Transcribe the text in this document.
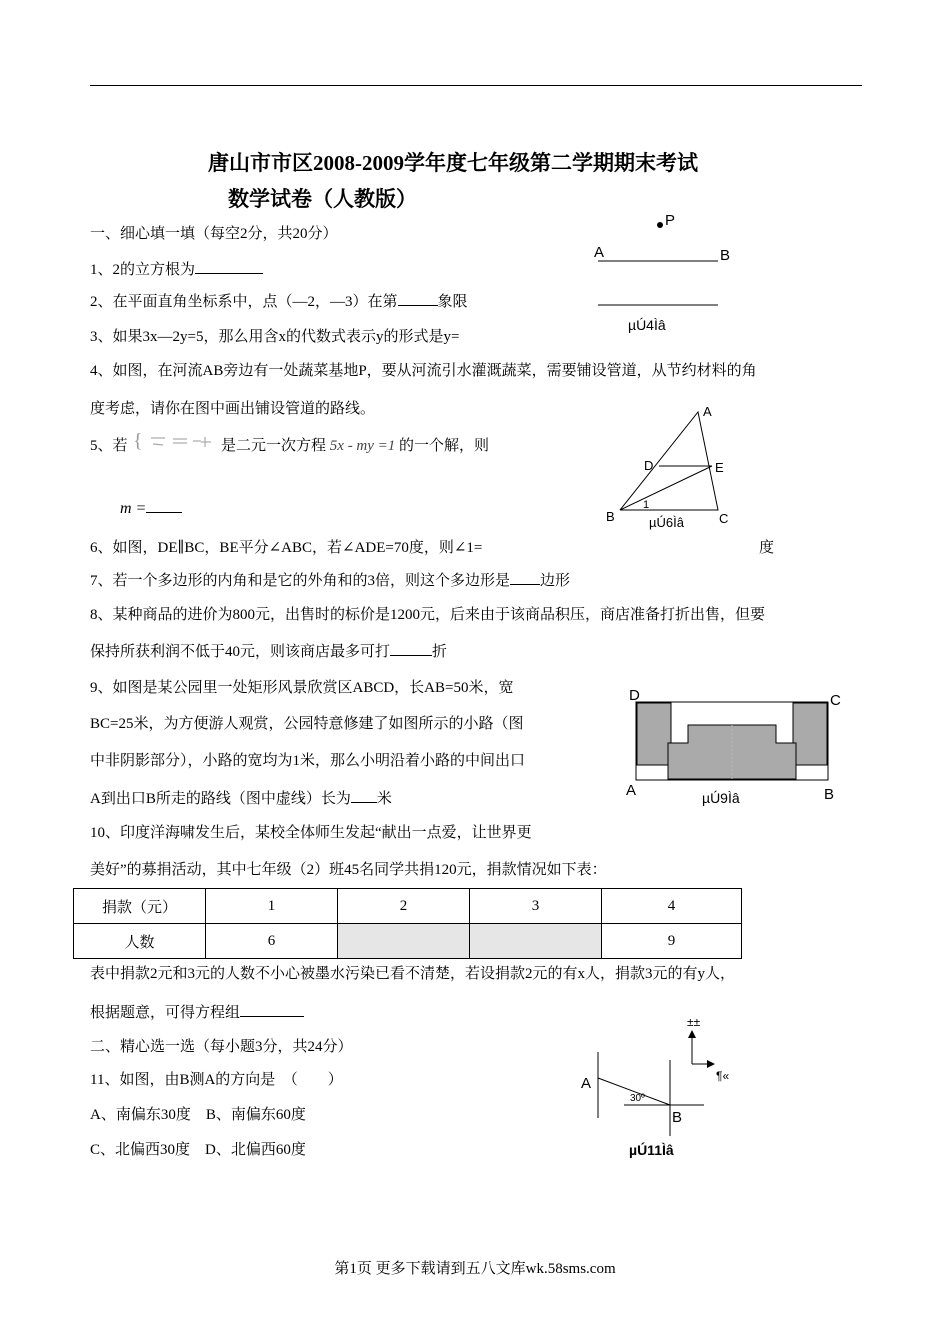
唐山市市区2008-2009学年度七年级第二学期期末考试
数学试卷（人教版）
一、细心填一填（每空2分，共20分）
1、2的立方根为
2、在平面直角坐标系中，点（—2，—3）在第	象限
3、如果3x—2y=5，那么用含x的代数式表示y的形式是y=
4、如图，在河流AB旁边有一处蔬菜基地P，要从河流引水灌溉蔬菜，需要铺设管道，从节约材料的角
度考虑，请你在图中画出铺设管道的路线。
5、若 {	是二元一次方程 5x - my =1 的一个解，则
m =
6、如图，DE∥BC，BE平分∠ABC，若∠ADE=70度，则∠1=	度
7、若一个多边形的内角和是它的外角和的3倍，则这个多边形是 边形
8、某种商品的进价为800元，出售时的标价是1200元，后来由于该商品积压，商店准备打折出售，但要
保持所获利润不低于40元，则该商店最多可打	折
9、如图是某公园里一处矩形风景欣赏区ABCD，长AB=50米，宽
BC=25米，为方便游人观赏，公园特意修建了如图所示的小路（图
中非阴影部分），小路的宽均为1米，那么小明沿着小路的中间出口
A到出口B所走的路线（图中虚线）长为 米
10、印度洋海啸发生后，某校全体师生发起“献出一点爱，让世界更
美好”的募捐活动，其中七年级（2）班45名同学共捐120元，捐款情况如下表：
捐款（元）	1	2	3	4
人数	6			9
表中捐款2元和3元的人数不小心被墨水污染已看不清楚，若设捐款2元的有x人，捐款3元的有y人，
根据题意，可得方程组
二、精心选一选（每小题3分，共24分）
11、如图，由B测A的方向是　（　　）
A、南偏东30度　B、南偏东60度
C、北偏西30度　D、北偏西60度
P
A	B
µÚ4Ìâ
A
B	C
D	E
1
µÚ6Ìâ
D	C
A	B
µÚ9Ìâ
±±
¶«
A
B
30º
µÚ11Ìâ
第1页 更多下载请到五八文库wk.58sms.com
